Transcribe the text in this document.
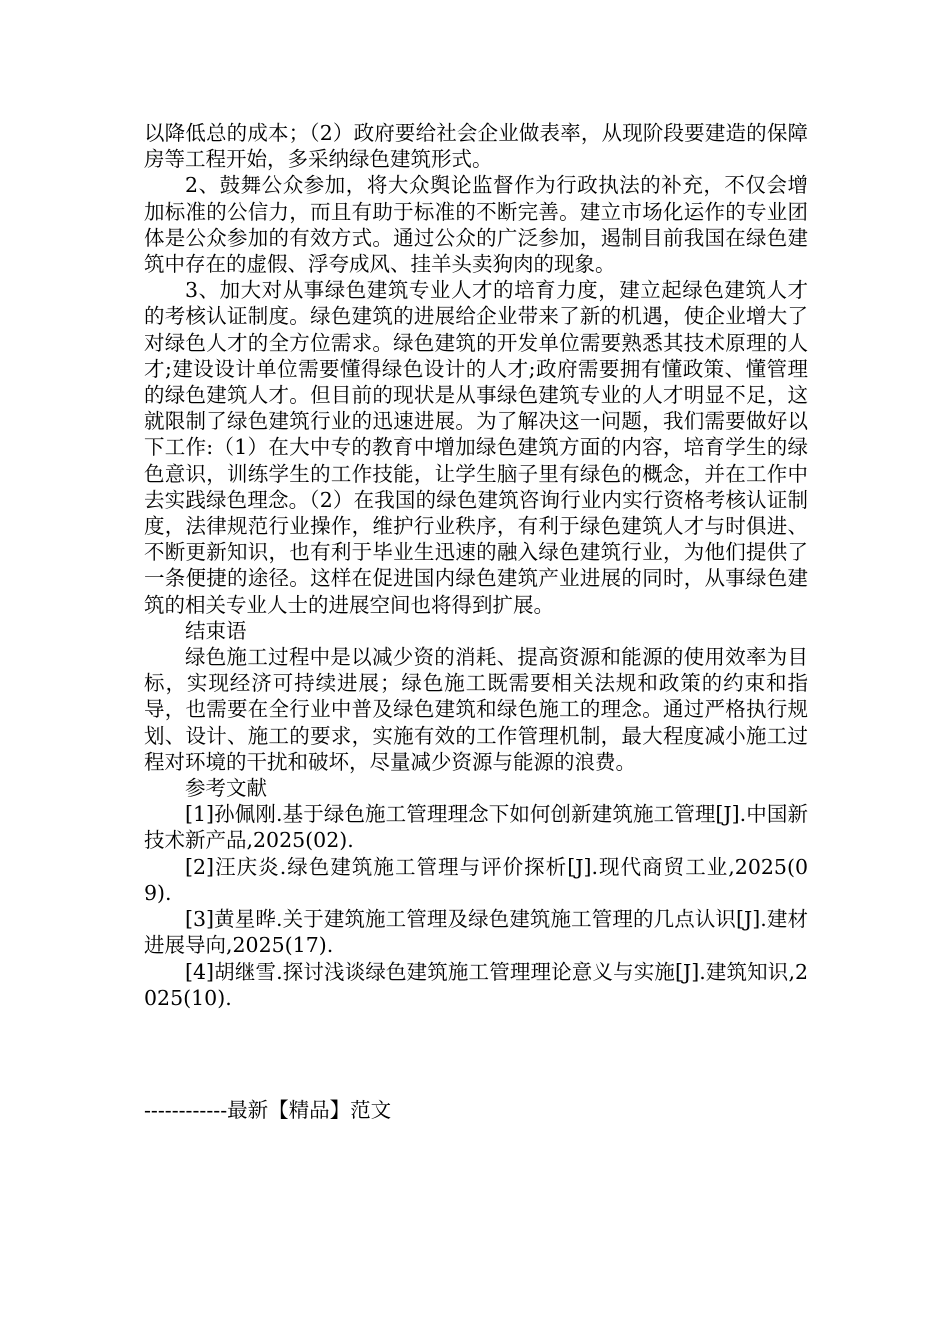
以降低总的成本；（2）政府要给社会企业做表率，从现阶段要建造的保障房等工程开始，多采纳绿色建筑形式。

2、鼓舞公众参加，将大众舆论监督作为行政执法的补充，不仅会增加标准的公信力，而且有助于标准的不断完善。建立市场化运作的专业团体是公众参加的有效方式。通过公众的广泛参加，遏制目前我国在绿色建筑中存在的虚假、浮夸成风、挂羊头卖狗肉的现象。

3、加大对从事绿色建筑专业人才的培育力度，建立起绿色建筑人才的考核认证制度。绿色建筑的进展给企业带来了新的机遇，使企业增大了对绿色人才的全方位需求。绿色建筑的开发单位需要熟悉其技术原理的人才;建设设计单位需要懂得绿色设计的人才;政府需要拥有懂政策、懂管理的绿色建筑人才。但目前的现状是从事绿色建筑专业的人才明显不足，这就限制了绿色建筑行业的迅速进展。为了解决这一问题，我们需要做好以下工作:（1）在大中专的教育中增加绿色建筑方面的内容，培育学生的绿色意识，训练学生的工作技能，让学生脑子里有绿色的概念，并在工作中去实践绿色理念。（2）在我国的绿色建筑咨询行业内实行资格考核认证制度，法律规范行业操作，维护行业秩序，有利于绿色建筑人才与时俱进、不断更新知识，也有利于毕业生迅速的融入绿色建筑行业，为他们提供了一条便捷的途径。这样在促进国内绿色建筑产业进展的同时，从事绿色建筑的相关专业人士的进展空间也将得到扩展。

结束语

绿色施工过程中是以减少资的消耗、提高资源和能源的使用效率为目标，实现经济可持续进展；绿色施工既需要相关法规和政策的约束和指导，也需要在全行业中普及绿色建筑和绿色施工的理念。通过严格执行规划、设计、施工的要求，实施有效的工作管理机制，最大程度减小施工过程对环境的干扰和破坏，尽量减少资源与能源的浪费。

参考文献

[1]孙佩刚.基于绿色施工管理理念下如何创新建筑施工管理[J].中国新技术新产品,2025(02).

[2]汪庆炎.绿色建筑施工管理与评价探析[J].现代商贸工业,2025(09).

[3]黄星晔.关于建筑施工管理及绿色建筑施工管理的几点认识[J].建材进展导向,2025(17).

[4]胡继雪.探讨浅谈绿色建筑施工管理理论意义与实施[J].建筑知识,2025(10).

------------最新【精品】范文
